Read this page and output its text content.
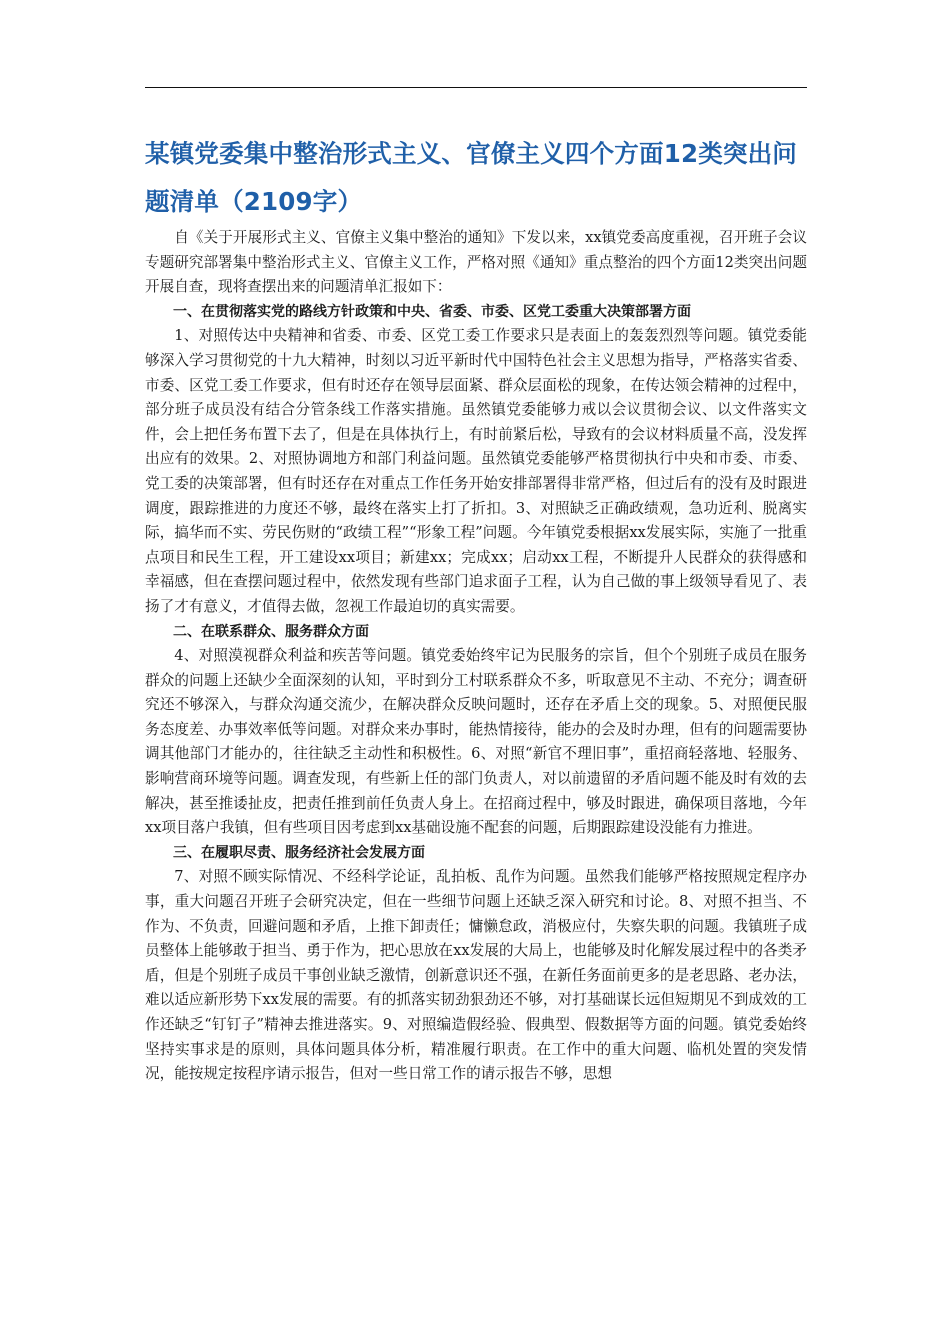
某镇党委集中整治形式主义、官僚主义四个方面12类突出问题清单（2109字）

自《关于开展形式主义、官僚主义集中整治的通知》下发以来，xx镇党委高度重视，召开班子会议专题研究部署集中整治形式主义、官僚主义工作，严格对照《通知》重点整治的四个方面12类突出问题开展自查，现将查摆出来的问题清单汇报如下：

一、在贯彻落实党的路线方针政策和中央、省委、市委、区党工委重大决策部署方面

1、对照传达中央精神和省委、市委、区党工委工作要求只是表面上的轰轰烈烈等问题。镇党委能够深入学习贯彻党的十九大精神，时刻以习近平新时代中国特色社会主义思想为指导，严格落实省委、市委、区党工委工作要求，但有时还存在领导层面紧、群众层面松的现象，在传达领会精神的过程中，部分班子成员没有结合分管条线工作落实措施。虽然镇党委能够力戒以会议贯彻会议、以文件落实文件，会上把任务布置下去了，但是在具体执行上，有时前紧后松，导致有的会议材料质量不高，没发挥出应有的效果。2、对照协调地方和部门利益问题。虽然镇党委能够严格贯彻执行中央和市委、市委、党工委的决策部署，但有时还存在对重点工作任务开始安排部署得非常严格，但过后有的没有及时跟进调度，跟踪推进的力度还不够，最终在落实上打了折扣。3、对照缺乏正确政绩观，急功近利、脱离实际，搞华而不实、劳民伤财的“政绩工程”“形象工程”问题。今年镇党委根据xx发展实际，实施了一批重点项目和民生工程，开工建设xx项目；新建xx；完成xx；启动xx工程，不断提升人民群众的获得感和幸福感，但在查摆问题过程中，依然发现有些部门追求面子工程，认为自己做的事上级领导看见了、表扬了才有意义，才值得去做，忽视工作最迫切的真实需要。

二、在联系群众、服务群众方面

4、对照漠视群众利益和疾苦等问题。镇党委始终牢记为民服务的宗旨，但个个别班子成员在服务群众的问题上还缺少全面深刻的认知，平时到分工村联系群众不多，听取意见不主动、不充分；调查研究还不够深入，与群众沟通交流少，在解决群众反映问题时，还存在矛盾上交的现象。5、对照便民服务态度差、办事效率低等问题。对群众来办事时，能热情接待，能办的会及时办理，但有的问题需要协调其他部门才能办的，往往缺乏主动性和积极性。6、对照“新官不理旧事”，重招商轻落地、轻服务、影响营商环境等问题。调查发现，有些新上任的部门负责人，对以前遗留的矛盾问题不能及时有效的去解决，甚至推诿扯皮，把责任推到前任负责人身上。在招商过程中，够及时跟进，确保项目落地，今年xx项目落户我镇，但有些项目因考虑到xx基础设施不配套的问题，后期跟踪建设没能有力推进。

三、在履职尽责、服务经济社会发展方面

7、对照不顾实际情况、不经科学论证，乱拍板、乱作为问题。虽然我们能够严格按照规定程序办事，重大问题召开班子会研究决定，但在一些细节问题上还缺乏深入研究和讨论。8、对照不担当、不作为、不负责，回避问题和矛盾，上推下卸责任；慵懒怠政，消极应付，失察失职的问题。我镇班子成员整体上能够敢于担当、勇于作为，把心思放在xx发展的大局上，也能够及时化解发展过程中的各类矛盾，但是个别班子成员干事创业缺乏激情，创新意识还不强，在新任务面前更多的是老思路、老办法，难以适应新形势下xx发展的需要。有的抓落实韧劲狠劲还不够，对打基础谋长远但短期见不到成效的工作还缺乏“钉钉子”精神去推进落实。9、对照编造假经验、假典型、假数据等方面的问题。镇党委始终坚持实事求是的原则，具体问题具体分析，精准履行职责。在工作中的重大问题、临机处置的突发情况，能按规定按程序请示报告，但对一些日常工作的请示报告不够，思想
